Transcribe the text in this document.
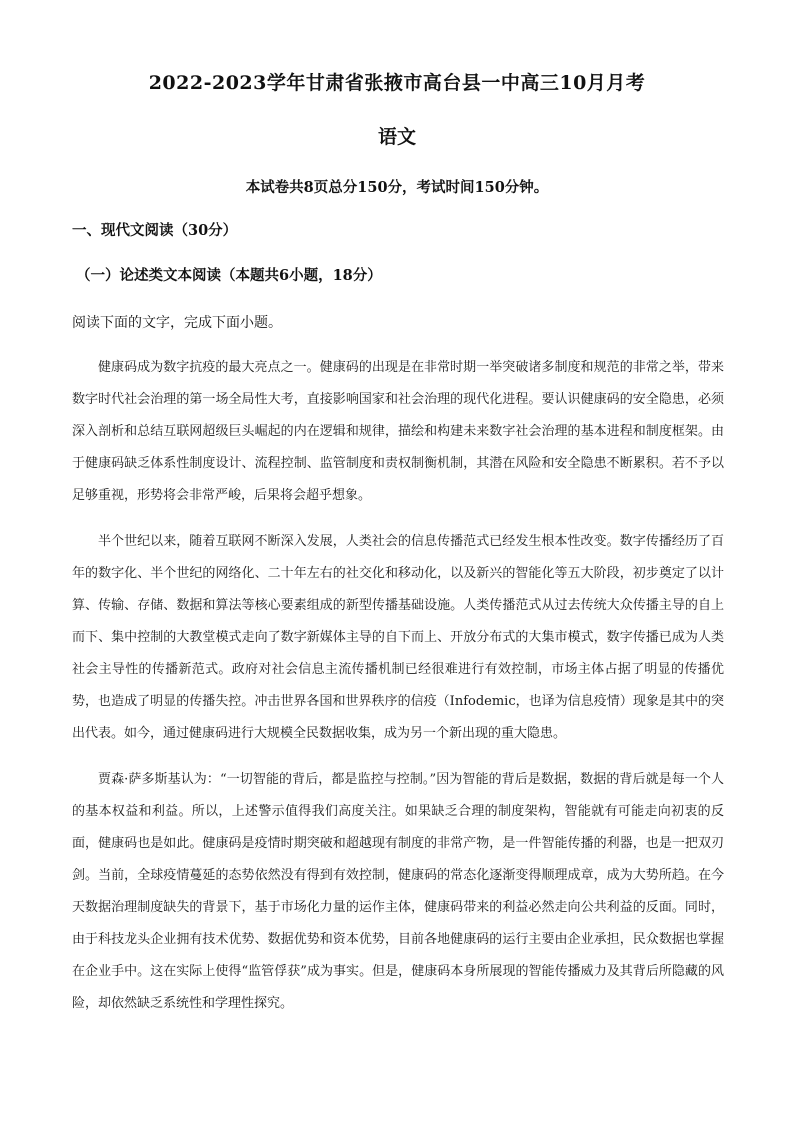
2022-2023学年甘肃省张掖市高台县一中高三10月月考
语文
本试卷共8页总分150分，考试时间150分钟。
一、现代文阅读（30分）
（一）论述类文本阅读（本题共6小题，18分）
阅读下面的文字，完成下面小题。

健康码成为数字抗疫的最大亮点之一。健康码的出现是在非常时期一举突破诸多制度和规范的非常之举，带来数字时代社会治理的第一场全局性大考，直接影响国家和社会治理的现代化进程。要认识健康码的安全隐患，必须深入剖析和总结互联网超级巨头崛起的内在逻辑和规律，描绘和构建未来数字社会治理的基本进程和制度框架。由于健康码缺乏体系性制度设计、流程控制、监管制度和责权制衡机制，其潜在风险和安全隐患不断累积。若不予以足够重视，形势将会非常严峻，后果将会超乎想象。

半个世纪以来，随着互联网不断深入发展，人类社会的信息传播范式已经发生根本性改变。数字传播经历了百年的数字化、半个世纪的网络化、二十年左右的社交化和移动化，以及新兴的智能化等五大阶段，初步奠定了以计算、传输、存储、数据和算法等核心要素组成的新型传播基础设施。人类传播范式从过去传统大众传播主导的自上而下、集中控制的大教堂模式走向了数字新媒体主导的自下而上、开放分布式的大集市模式，数字传播已成为人类社会主导性的传播新范式。政府对社会信息主流传播机制已经很难进行有效控制，市场主体占据了明显的传播优势，也造成了明显的传播失控。冲击世界各国和世界秩序的信疫（Infodemic，也译为信息疫情）现象是其中的突出代表。如今，通过健康码进行大规模全民数据收集，成为另一个新出现的重大隐患。

贾森·萨多斯基认为：“一切智能的背后，都是监控与控制。”因为智能的背后是数据，数据的背后就是每一个人的基本权益和利益。所以，上述警示值得我们高度关注。如果缺乏合理的制度架构，智能就有可能走向初衷的反面，健康码也是如此。健康码是疫情时期突破和超越现有制度的非常产物，是一件智能传播的利器，也是一把双刃剑。当前，全球疫情蔓延的态势依然没有得到有效控制，健康码的常态化逐渐变得顺理成章，成为大势所趋。在今天数据治理制度缺失的背景下，基于市场化力量的运作主体，健康码带来的利益必然走向公共利益的反面。同时，由于科技龙头企业拥有技术优势、数据优势和资本优势，目前各地健康码的运行主要由企业承担，民众数据也掌握在企业手中。这在实际上使得“监管俘获”成为事实。但是，健康码本身所展现的智能传播威力及其背后所隐藏的风险，却依然缺乏系统性和学理性探究。
